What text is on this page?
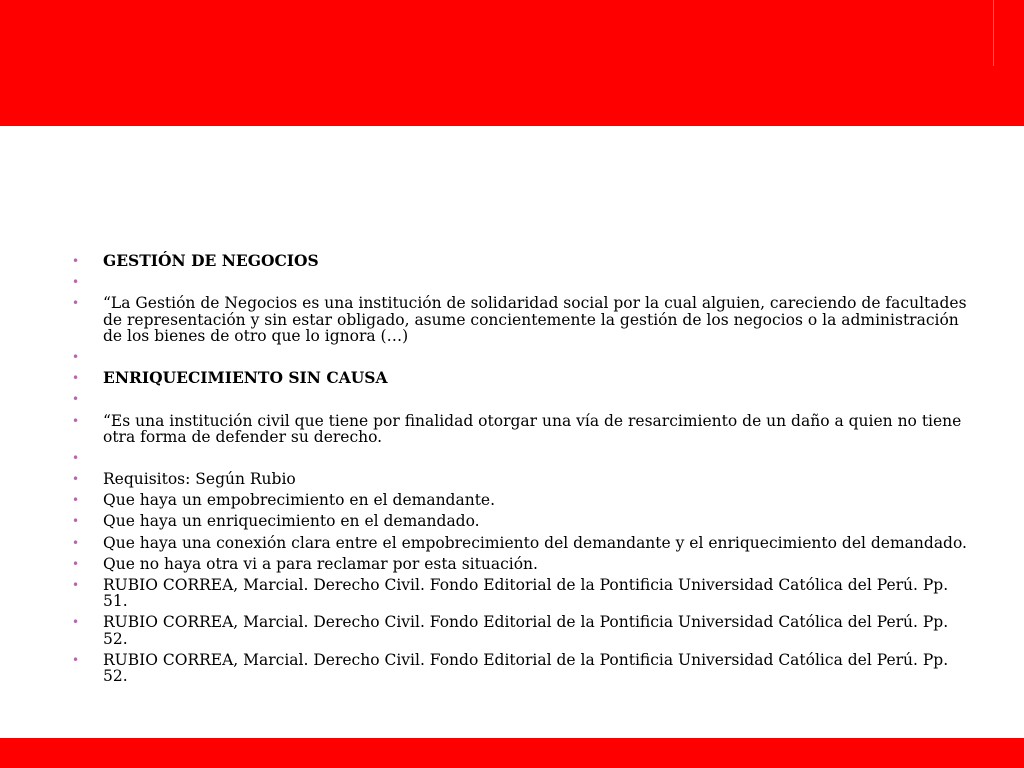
• GESTIÓN DE NEGOCIOS
•
• “La Gestión de Negocios es una institución de solidaridad social por la cual alguien, careciendo de facultades de representación y sin estar obligado, asume concientemente la gestión de los negocios o la administración de los bienes de otro que lo ignora (…)
•
• ENRIQUECIMIENTO SIN CAUSA
•
• “Es una institución civil que tiene por finalidad otorgar una vía de resarcimiento de un daño a quien no tiene otra forma de defender su derecho.
•
• Requisitos: Según Rubio
• Que haya un empobrecimiento en el demandante.
• Que haya un enriquecimiento en el demandado.
• Que haya una conexión clara entre el empobrecimiento del demandante y el enriquecimiento del demandado.
• Que no haya otra vi a para reclamar por esta situación.
• RUBIO CORREA, Marcial. Derecho Civil. Fondo Editorial de la Pontificia Universidad Católica del Perú. Pp. 51.
• RUBIO CORREA, Marcial. Derecho Civil. Fondo Editorial de la Pontificia Universidad Católica del Perú. Pp. 52.
• RUBIO CORREA, Marcial. Derecho Civil. Fondo Editorial de la Pontificia Universidad Católica del Perú. Pp. 52.
